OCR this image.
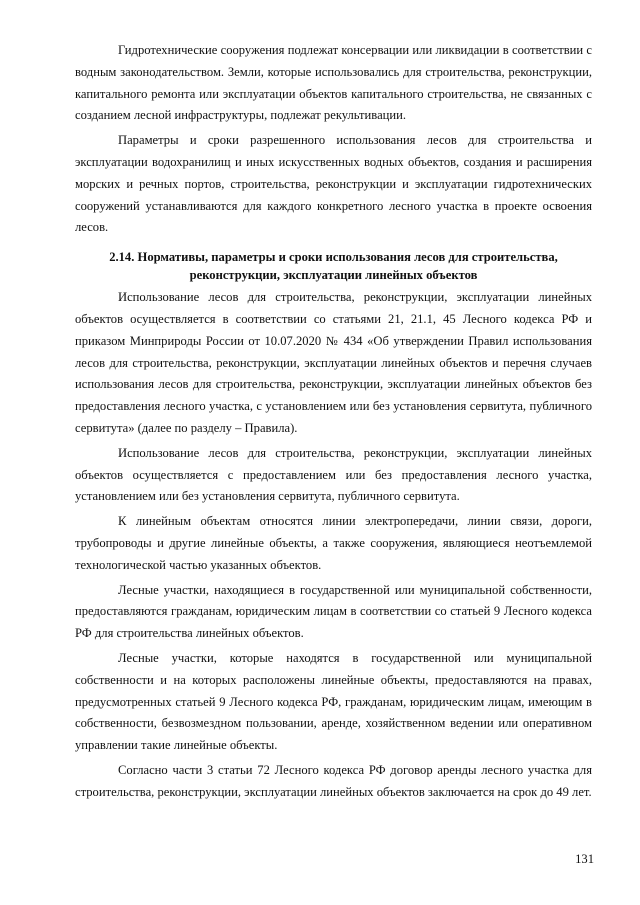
Гидротехнические сооружения подлежат консервации или ликвидации в соответствии с водным законодательством. Земли, которые использовались для строительства, реконструкции, капитального ремонта или эксплуатации объектов капитального строительства, не связанных с созданием лесной инфраструктуры, подлежат рекультивации.

Параметры и сроки разрешенного использования лесов для строительства и эксплуатации водохранилищ и иных искусственных водных объектов, создания и расширения морских и речных портов, строительства, реконструкции и эксплуатации гидротехнических сооружений устанавливаются для каждого конкретного лесного участка в проекте освоения лесов.

2.14. Нормативы, параметры и сроки использования лесов для строительства, реконструкции, эксплуатации линейных объектов

Использование лесов для строительства, реконструкции, эксплуатации линейных объектов осуществляется в соответствии со статьями 21, 21.1, 45 Лесного кодекса РФ и приказом Минприроды России от 10.07.2020 № 434 «Об утверждении Правил использования лесов для строительства, реконструкции, эксплуатации линейных объектов и перечня случаев использования лесов для строительства, реконструкции, эксплуатации линейных объектов без предоставления лесного участка, с установлением или без установления сервитута, публичного сервитута» (далее по разделу – Правила).

Использование лесов для строительства, реконструкции, эксплуатации линейных объектов осуществляется с предоставлением или без предоставления лесного участка, установлением или без установления сервитута, публичного сервитута.

К линейным объектам относятся линии электропередачи, линии связи, дороги, трубопроводы и другие линейные объекты, а также сооружения, являющиеся неотъемлемой технологической частью указанных объектов.

Лесные участки, находящиеся в государственной или муниципальной собственности, предоставляются гражданам, юридическим лицам в соответствии со статьей 9 Лесного кодекса РФ для строительства линейных объектов.

Лесные участки, которые находятся в государственной или муниципальной собственности и на которых расположены линейные объекты, предоставляются на правах, предусмотренных статьей 9 Лесного кодекса РФ, гражданам, юридическим лицам, имеющим в собственности, безвозмездном пользовании, аренде, хозяйственном ведении или оперативном управлении такие линейные объекты.

Согласно части 3 статьи 72 Лесного кодекса РФ договор аренды лесного участка для строительства, реконструкции, эксплуатации линейных объектов заключается на срок до 49 лет.

131
